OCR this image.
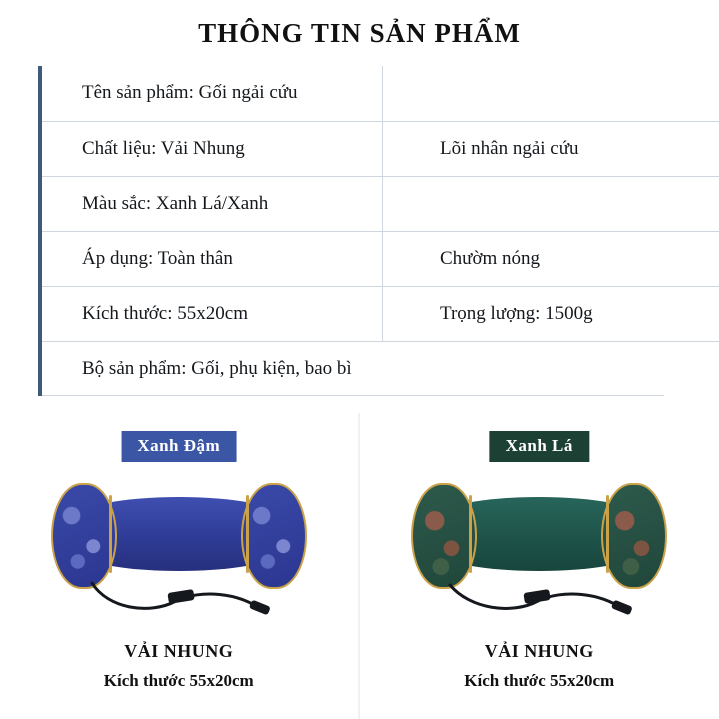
THÔNG TIN SẢN PHẨM
Tên sản phẩm: Gối ngải cứu	
Chất liệu: Vải Nhung	Lõi nhân ngải cứu
Màu sắc: Xanh Lá/Xanh	
Áp dụng: Toàn thân	Chườm nóng
Kích thước: 55x20cm	Trọng lượng: 1500g
Bộ sản phẩm: Gối, phụ kiện, bao bì	
Xanh Đậm
VẢI NHUNG
Kích thước 55x20cm
Xanh Lá
VẢI NHUNG
Kích thước 55x20cm
